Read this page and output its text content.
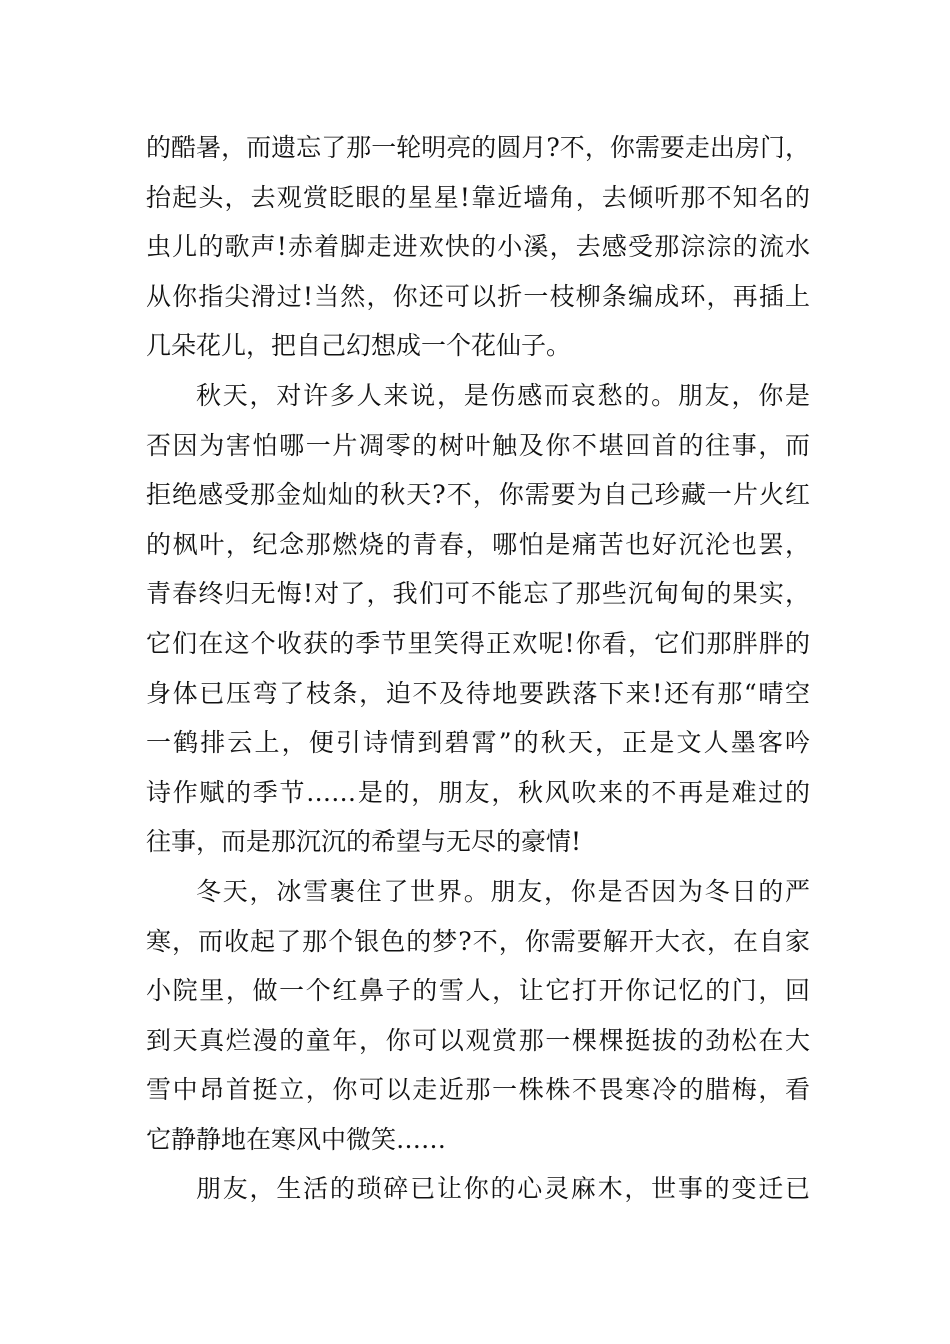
的酷暑，而遗忘了那一轮明亮的圆月?不，你需要走出房门，
抬起头，去观赏眨眼的星星!靠近墙角，去倾听那不知名的
虫儿的歌声!赤着脚走进欢快的小溪，去感受那淙淙的流水
从你指尖滑过!当然，你还可以折一枝柳条编成环，再插上
几朵花儿，把自己幻想成一个花仙子。
秋天，对许多人来说，是伤感而哀愁的。朋友，你是
否因为害怕哪一片凋零的树叶触及你不堪回首的往事，而
拒绝感受那金灿灿的秋天?不，你需要为自己珍藏一片火红
的枫叶，纪念那燃烧的青春，哪怕是痛苦也好沉沦也罢，
青春终归无悔!对了，我们可不能忘了那些沉甸甸的果实，
它们在这个收获的季节里笑得正欢呢!你看，它们那胖胖的
身体已压弯了枝条，迫不及待地要跌落下来!还有那“晴空
一鹤排云上，便引诗情到碧霄”的秋天，正是文人墨客吟
诗作赋的季节……是的，朋友，秋风吹来的不再是难过的
往事，而是那沉沉的希望与无尽的豪情!
冬天，冰雪裹住了世界。朋友，你是否因为冬日的严
寒，而收起了那个银色的梦?不，你需要解开大衣，在自家
小院里，做一个红鼻子的雪人，让它打开你记忆的门，回
到天真烂漫的童年，你可以观赏那一棵棵挺拔的劲松在大
雪中昂首挺立，你可以走近那一株株不畏寒冷的腊梅，看
它静静地在寒风中微笑……
朋友，生活的琐碎已让你的心灵麻木，世事的变迁已
